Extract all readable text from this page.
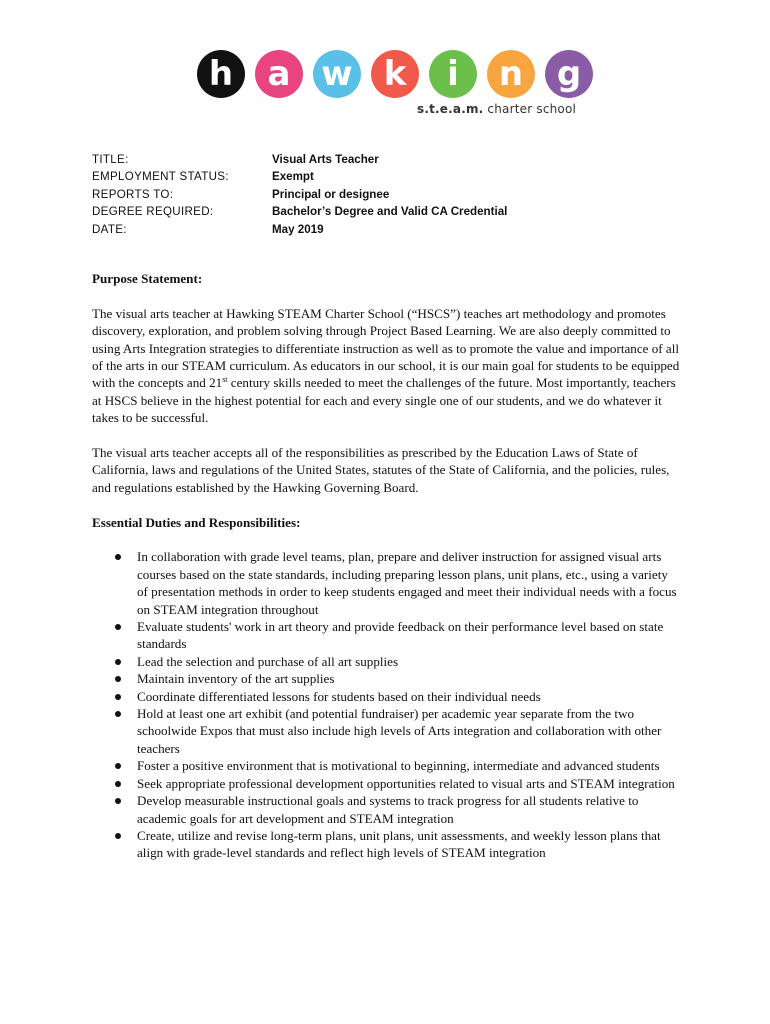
h	a w k	i	n g
s.t.e.a.m. charter school
TITLE:	Visual Arts Teacher
EMPLOYMENT STATUS:	Exempt
REPORTS TO:	Principal or designee
DEGREE REQUIRED:	Bachelor’s Degree and Valid CA Credential
DATE:	May 2019

Purpose Statement:

The visual arts teacher at Hawking STEAM Charter School (“HSCS”) teaches art methodology and promotes discovery, exploration, and problem solving through Project Based Learning. We are also deeply committed to using Arts Integration strategies to differentiate instruction as well as to promote the value and importance of all of the arts in our STEAM curriculum. As educators in our school, it is our main goal for students to be equipped with the concepts and 21st century skills needed to meet the challenges of the future. Most importantly, teachers at HSCS believe in the highest potential for each and every single one of our students, and we do whatever it takes to be successful.

The visual arts teacher accepts all of the responsibilities as prescribed by the Education Laws of State of California, laws and regulations of the United States, statutes of the State of California, and the policies, rules, and regulations established by the Hawking Governing Board.

Essential Duties and Responsibilities:

In collaboration with grade level teams, plan, prepare and deliver instruction for assigned visual arts courses based on the state standards, including preparing lesson plans, unit plans, etc., using a variety of presentation methods in order to keep students engaged and meet their individual needs with a focus on STEAM integration throughout
Evaluate students' work in art theory and provide feedback on their performance level based on state standards
Lead the selection and purchase of all art supplies
Maintain inventory of the art supplies
Coordinate differentiated lessons for students based on their individual needs
Hold at least one art exhibit (and potential fundraiser) per academic year separate from the two schoolwide Expos that must also include high levels of Arts integration and collaboration with other teachers
Foster a positive environment that is motivational to beginning, intermediate and advanced students
Seek appropriate professional development opportunities related to visual arts and STEAM integration
Develop measurable instructional goals and systems to track progress for all students relative to academic goals for art development and STEAM integration
Create, utilize and revise long-term plans, unit plans, unit assessments, and weekly lesson plans that align with grade-level standards and reflect high levels of STEAM integration
